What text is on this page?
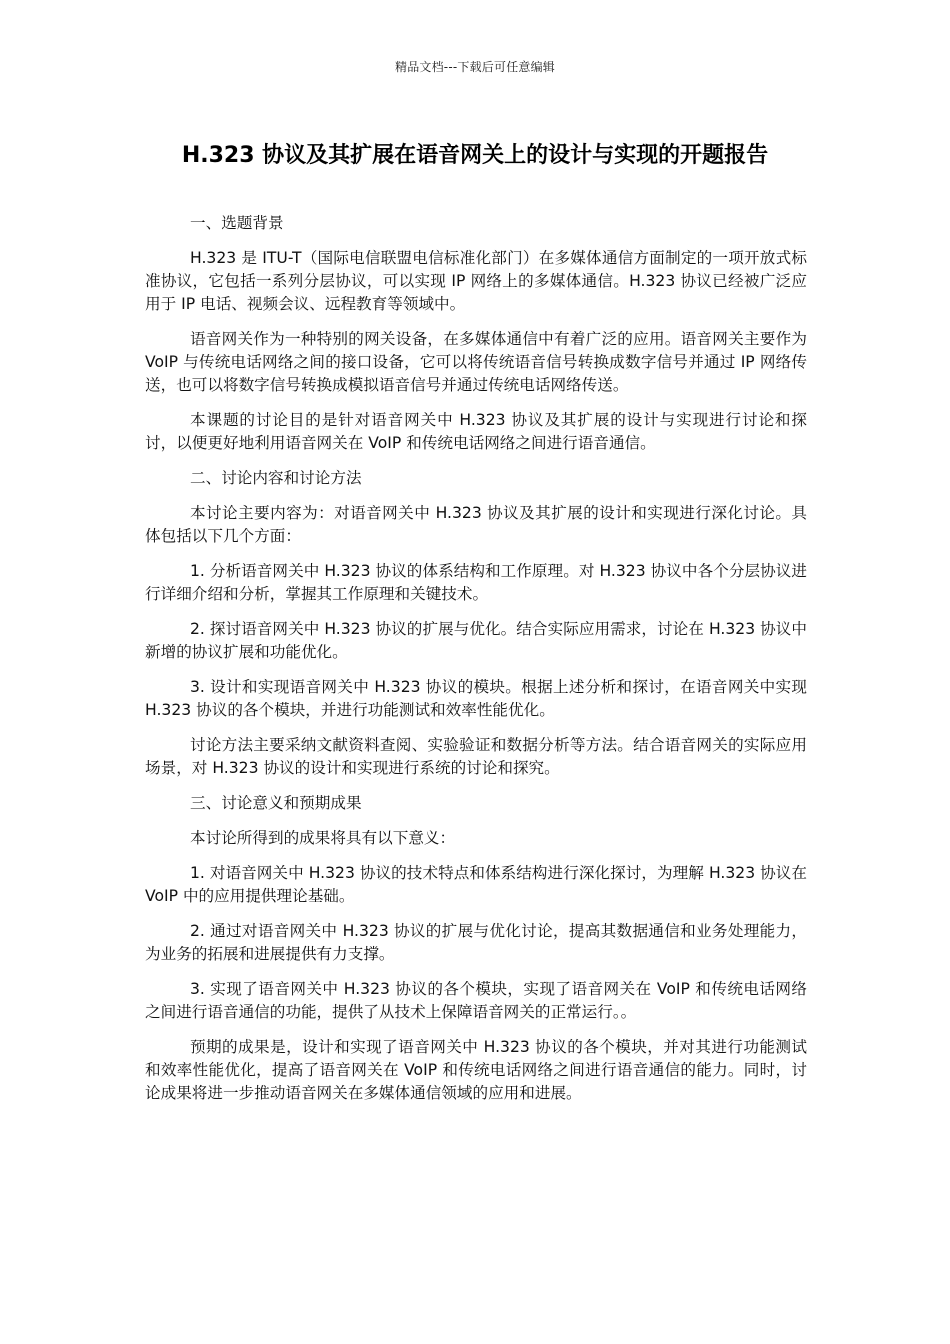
精品文档---下载后可任意编辑
H.323 协议及其扩展在语音网关上的设计与实现的开题报告

一、选题背景

H.323 是 ITU-T（国际电信联盟电信标准化部门）在多媒体通信方面制定的一项开放式标准协议，它包括一系列分层协议，可以实现 IP 网络上的多媒体通信。H.323 协议已经被广泛应用于 IP 电话、视频会议、远程教育等领域中。

语音网关作为一种特别的网关设备，在多媒体通信中有着广泛的应用。语音网关主要作为 VoIP 与传统电话网络之间的接口设备，它可以将传统语音信号转换成数字信号并通过 IP 网络传送，也可以将数字信号转换成模拟语音信号并通过传统电话网络传送。

本课题的讨论目的是针对语音网关中 H.323 协议及其扩展的设计与实现进行讨论和探讨，以便更好地利用语音网关在 VoIP 和传统电话网络之间进行语音通信。

二、讨论内容和讨论方法

本讨论主要内容为：对语音网关中 H.323 协议及其扩展的设计和实现进行深化讨论。具体包括以下几个方面：

1. 分析语音网关中 H.323 协议的体系结构和工作原理。对 H.323 协议中各个分层协议进行详细介绍和分析，掌握其工作原理和关键技术。

2. 探讨语音网关中 H.323 协议的扩展与优化。结合实际应用需求，讨论在 H.323 协议中新增的协议扩展和功能优化。

3. 设计和实现语音网关中 H.323 协议的模块。根据上述分析和探讨，在语音网关中实现 H.323 协议的各个模块，并进行功能测试和效率性能优化。

讨论方法主要采纳文献资料查阅、实验验证和数据分析等方法。结合语音网关的实际应用场景，对 H.323 协议的设计和实现进行系统的讨论和探究。

三、讨论意义和预期成果

本讨论所得到的成果将具有以下意义：

1. 对语音网关中 H.323 协议的技术特点和体系结构进行深化探讨，为理解 H.323 协议在 VoIP 中的应用提供理论基础。

2. 通过对语音网关中 H.323 协议的扩展与优化讨论，提高其数据通信和业务处理能力，为业务的拓展和进展提供有力支撑。

3. 实现了语音网关中 H.323 协议的各个模块，实现了语音网关在 VoIP 和传统电话网络之间进行语音通信的功能，提供了从技术上保障语音网关的正常运行。。

预期的成果是，设计和实现了语音网关中 H.323 协议的各个模块，并对其进行功能测试和效率性能优化，提高了语音网关在 VoIP 和传统电话网络之间进行语音通信的能力。同时，讨论成果将进一步推动语音网关在多媒体通信领域的应用和进展。
